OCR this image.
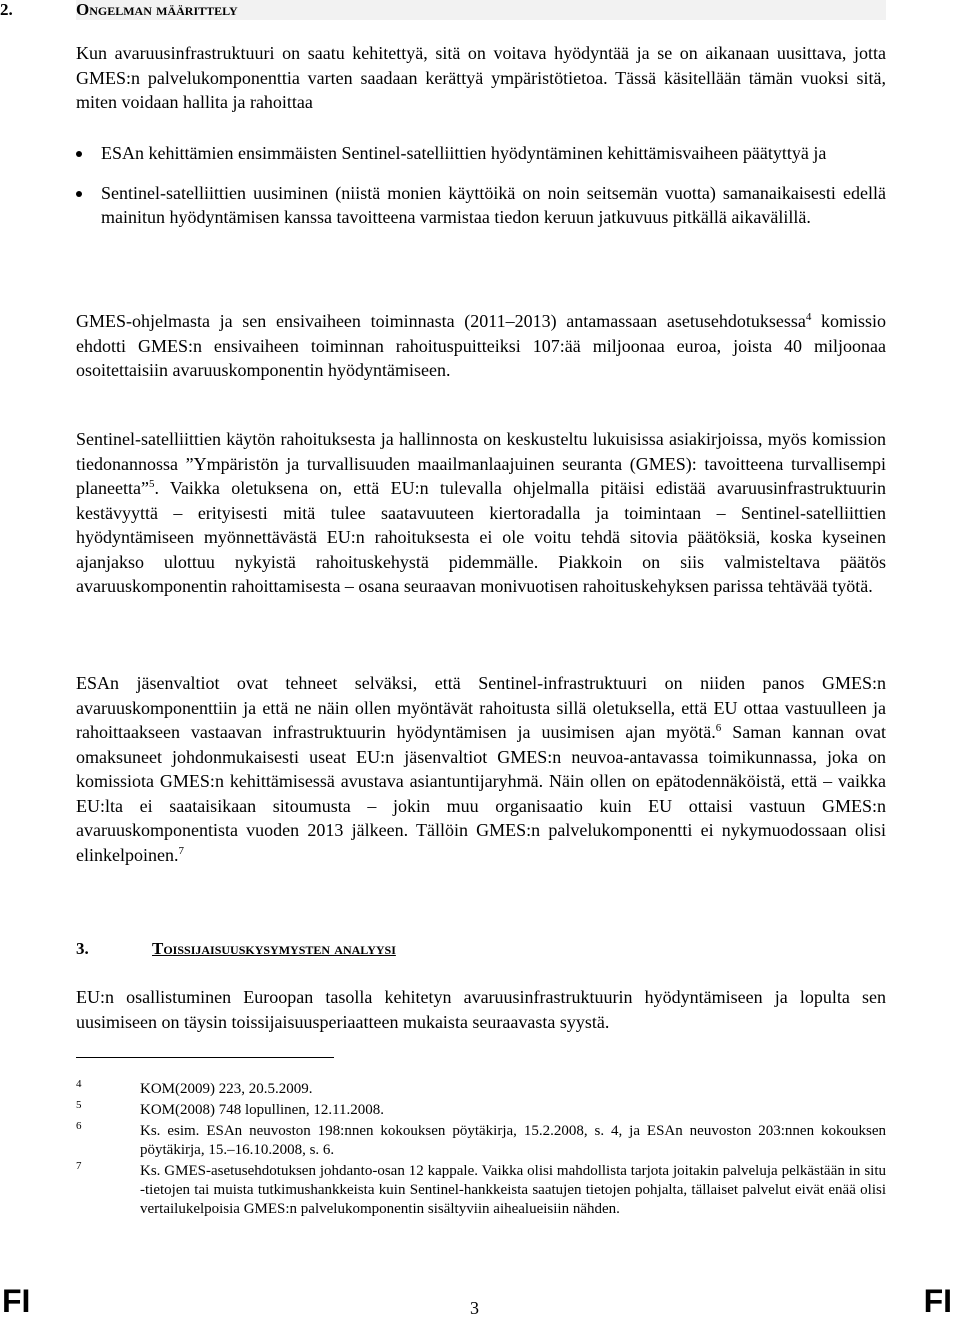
2.	Ongelman määrittely

Kun avaruusinfrastruktuuri on saatu kehitettyä, sitä on voitava hyödyntää ja se on aikanaan uusittava, jotta GMES:n palvelukomponenttia varten saadaan kerättyä ympäristötietoa. Tässä käsitellään tämän vuoksi sitä, miten voidaan hallita ja rahoittaa

ESAn kehittämien ensimmäisten Sentinel-satelliittien hyödyntäminen kehittämisvaiheen päätyttyä ja
Sentinel-satelliittien uusiminen (niistä monien käyttöikä on noin seitsemän vuotta) samanaikaisesti edellä mainitun hyödyntämisen kanssa tavoitteena varmistaa tiedon keruun jatkuvuus pitkällä aikavälillä.

GMES-ohjelmasta ja sen ensivaiheen toiminnasta (2011–2013) antamassaan asetusehdotuksessa$^4$ komissio ehdotti GMES:n ensivaiheen toiminnan rahoituspuitteiksi 107:ää miljoonaa euroa, joista 40 miljoonaa osoitettaisiin avaruuskomponentin hyödyntämiseen.

Sentinel-satelliittien käytön rahoituksesta ja hallinnosta on keskusteltu lukuisissa asiakirjoissa, myös komission tiedonannossa ”Ympäristön ja turvallisuuden maailmanlaajuinen seuranta (GMES): tavoitteena turvallisempi planeetta”$^5$. Vaikka oletuksena on, että EU:n tulevalla ohjelmalla pitäisi edistää avaruusinfrastruktuurin kestävyyttä – erityisesti mitä tulee saatavuuteen kiertoradalla ja toimintaan – Sentinel-satelliittien hyödyntämiseen myönnettävästä EU:n rahoituksesta ei ole voitu tehdä sitovia päätöksiä, koska kyseinen ajanjakso ulottuu nykyistä rahoituskehystä pidemmälle. Piakkoin on siis valmisteltava päätös avaruuskomponentin rahoittamisesta – osana seuraavan monivuotisen rahoituskehyksen parissa tehtävää työtä.

ESAn jäsenvaltiot ovat tehneet selväksi, että Sentinel-infrastruktuuri on niiden panos GMES:n avaruuskomponenttiin ja että ne näin ollen myöntävät rahoitusta sillä oletuksella, että EU ottaa vastuulleen ja rahoittaakseen vastaavan infrastruktuurin hyödyntämisen ja uusimisen ajan myötä.$^6$ Saman kannan ovat omaksuneet johdonmukaisesti useat EU:n jäsenvaltiot GMES:n neuvoa-antavassa toimikunnassa, joka on komissiota GMES:n kehittämisessä avustava asiantuntijaryhmä. Näin ollen on epätodennäköistä, että – vaikka EU:lta ei saataisikaan sitoumusta – jokin muu organisaatio kuin EU ottaisi vastuun GMES:n avaruuskomponentista vuoden 2013 jälkeen. Tällöin GMES:n palvelukomponentti ei nykymuodossaan olisi elinkelpoinen.$^7$

3.	Toissijaisuuskysymysten analyysi

EU:n osallistuminen Euroopan tasolla kehitetyn avaruusinfrastruktuurin hyödyntämiseen ja lopulta sen uusimiseen on täysin toissijaisuusperiaatteen mukaista seuraavasta syystä.

4	KOM(2009) 223, 20.5.2009.
5	KOM(2008) 748 lopullinen, 12.11.2008.
6	Ks. esim. ESAn neuvoston 198:nnen kokouksen pöytäkirja, 15.2.2008, s. 4, ja ESAn neuvoston 203:nnen kokouksen pöytäkirja, 15.–16.10.2008, s. 6.
7	Ks. GMES-asetusehdotuksen johdanto-osan 12 kappale. Vaikka olisi mahdollista tarjota joitakin palveluja pelkästään in situ -tietojen tai muista tutkimushankkeista kuin Sentinel-hankkeista saatujen tietojen pohjalta, tällaiset palvelut eivät enää olisi vertailukelpoisia GMES:n palvelukomponentin sisältyviin aihealueisiin nähden.
FI	3	FI
